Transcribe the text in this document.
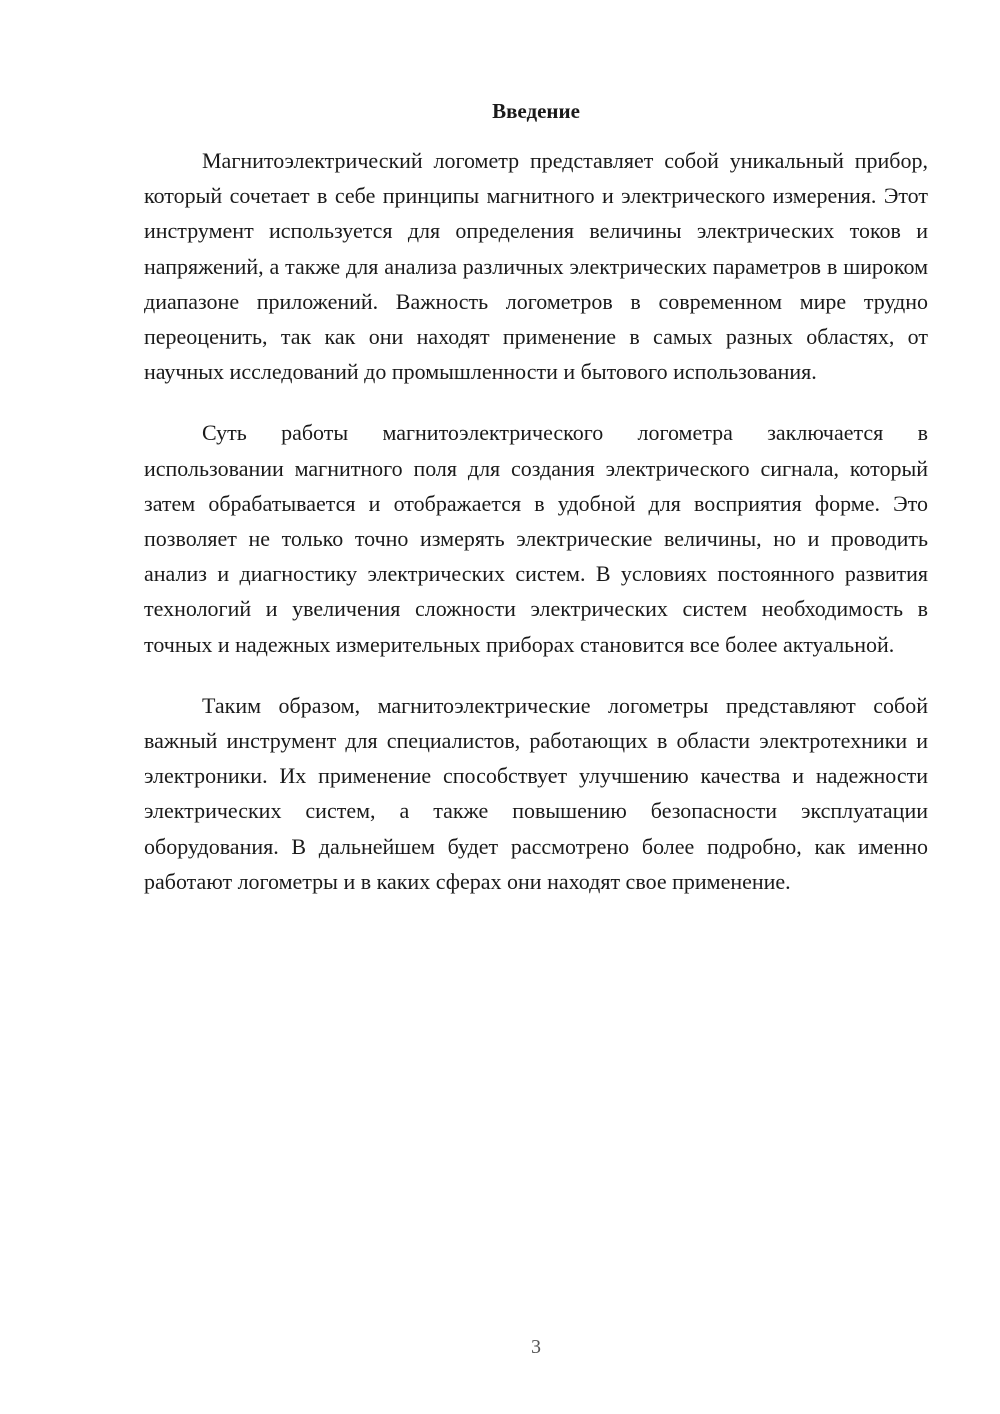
Введение

Магнитоэлектрический логометр представляет собой уникальный прибор, который сочетает в себе принципы магнитного и электрического измерения. Этот инструмент используется для определения величины электрических токов и напряжений, а также для анализа различных электрических параметров в широком диапазоне приложений. Важность логометров в современном мире трудно переоценить, так как они находят применение в самых разных областях, от научных исследований до промышленности и бытового использования.

Суть работы магнитоэлектрического логометра заключается в использовании магнитного поля для создания электрического сигнала, который затем обрабатывается и отображается в удобной для восприятия форме. Это позволяет не только точно измерять электрические величины, но и проводить анализ и диагностику электрических систем. В условиях постоянного развития технологий и увеличения сложности электрических систем необходимость в точных и надежных измерительных приборах становится все более актуальной.

Таким образом, магнитоэлектрические логометры представляют собой важный инструмент для специалистов, работающих в области электротехники и электроники. Их применение способствует улучшению качества и надежности электрических систем, а также повышению безопасности эксплуатации оборудования. В дальнейшем будет рассмотрено более подробно, как именно работают логометры и в каких сферах они находят свое применение.

3
